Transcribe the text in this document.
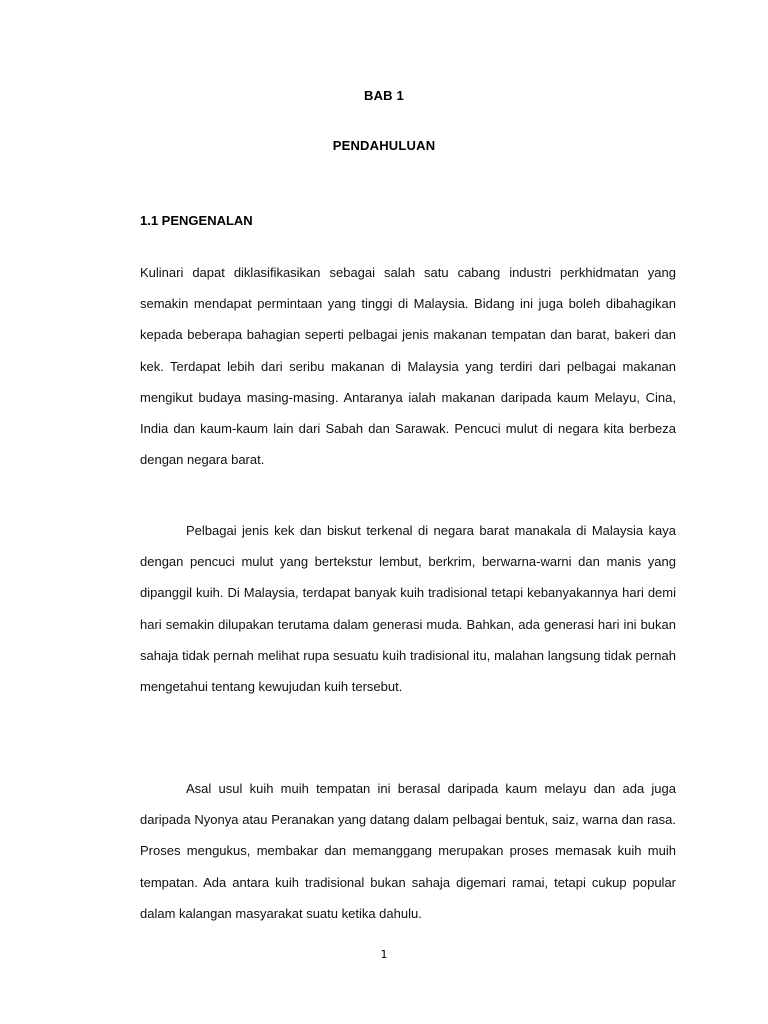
BAB 1

PENDAHULUAN

1.1 PENGENALAN

Kulinari dapat diklasifikasikan sebagai salah satu cabang industri perkhidmatan yang semakin mendapat permintaan yang tinggi di Malaysia. Bidang ini juga boleh dibahagikan kepada beberapa bahagian seperti pelbagai jenis makanan tempatan dan barat, bakeri dan kek. Terdapat lebih dari seribu makanan di Malaysia yang terdiri dari pelbagai makanan mengikut budaya masing-masing. Antaranya ialah makanan daripada kaum Melayu, Cina, India dan kaum-kaum lain dari Sabah dan Sarawak. Pencuci mulut di negara kita berbeza dengan negara barat.

Pelbagai jenis kek dan biskut terkenal di negara barat manakala di Malaysia kaya dengan pencuci mulut yang bertekstur lembut, berkrim, berwarna-warni dan manis yang dipanggil kuih. Di Malaysia, terdapat banyak kuih tradisional tetapi kebanyakannya hari demi hari semakin dilupakan terutama dalam generasi muda. Bahkan, ada generasi hari ini bukan sahaja tidak pernah melihat rupa sesuatu kuih tradisional itu, malahan langsung tidak pernah mengetahui tentang kewujudan kuih tersebut.

Asal usul kuih muih tempatan ini berasal daripada kaum melayu dan ada juga daripada Nyonya atau Peranakan yang datang dalam pelbagai bentuk, saiz, warna dan rasa. Proses mengukus, membakar dan memanggang merupakan proses memasak kuih muih tempatan. Ada antara kuih tradisional bukan sahaja digemari ramai, tetapi cukup popular dalam kalangan masyarakat suatu ketika dahulu.

1
